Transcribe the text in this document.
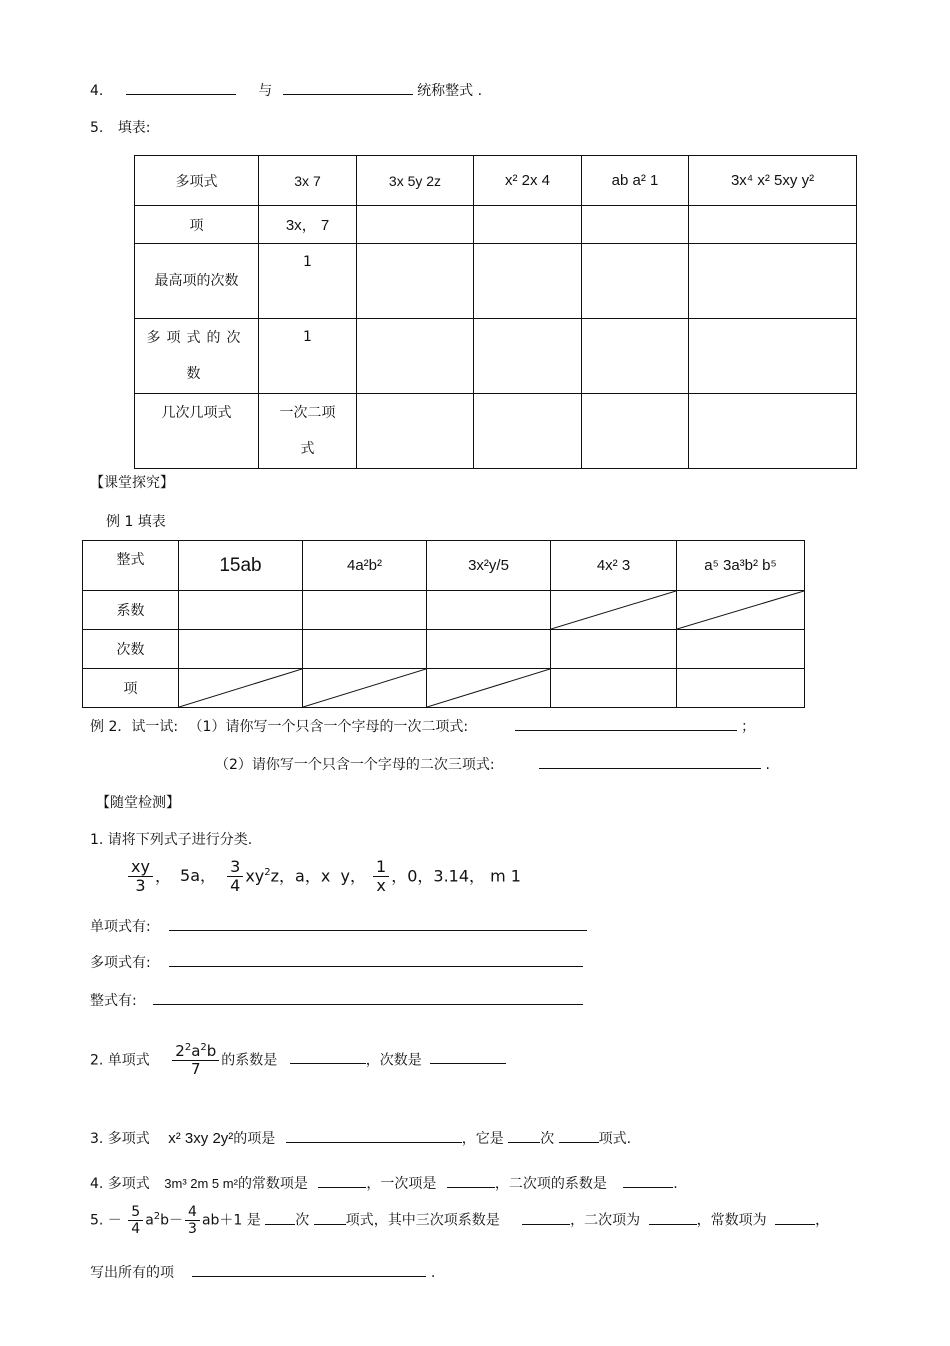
4.	与	统称整式 .
5. 填表:
多项式	3x 7	3x 5y 2z	x² 2x 4	ab a² 1	3x⁴ x² 5xy y²
项	3x， 7				
最高项的次数	1				
多项式的次数	1				
几次几项式	一次二项式				
【课堂探究】
例 1 填表
整式	15ab	4a²b²	3x²y/5	4x² 3	a⁵ 3a³b² b⁵
系数				

次数					
项	

例 2．试一试: （1）请你写一个只含一个字母的一次二项式:	；
（2）请你写一个只含一个字母的二次三项式:	.
【随堂检测】
1. 请将下列式子进行分类.
$\frac{xy}{3}$ ， 5a， $\frac{3}{4} xy^2z$，a，x  y， $\frac{1}{x}$ ，0，3.14， m 1
单项式有:
多项式有:
整式有:
2. 单项式 $\frac{2^2a^2b}{7}$ 的系数是	，次数是
3. 多项式 x² 3xy 2y²的项是	，它是	次	项式.
4. 多项式 3m³ 2m 5 m²的常数项是	，一次项是	，二次项的系数是	.
5. － $\frac{5}{4} a^2b- \frac{4}{3} ab+1$ 是 次	项式，其中三次项系数是	，二次项为	，常数项为	，
写出所有的项	.
